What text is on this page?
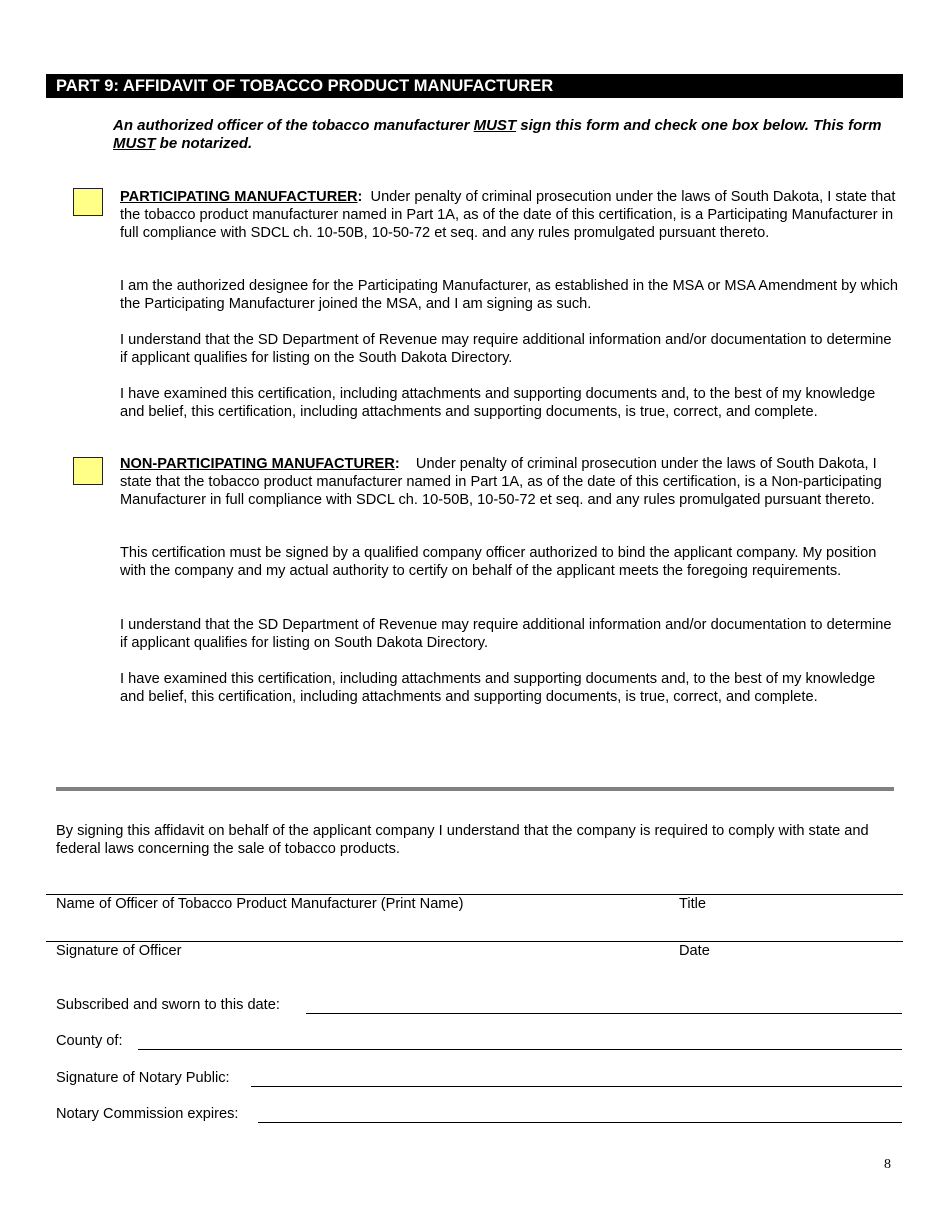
PART 9: AFFIDAVIT OF TOBACCO PRODUCT MANUFACTURER
An authorized officer of the tobacco manufacturer MUST sign this form and check one box below. This form MUST be notarized.
PARTICIPATING MANUFACTURER:  Under penalty of criminal prosecution under the laws of South Dakota, I state that the tobacco product manufacturer named in Part 1A, as of the date of this certification, is a Participating Manufacturer in full compliance with SDCL ch. 10-50B, 10-50-72 et seq. and any rules promulgated pursuant thereto.
I am the authorized designee for the Participating Manufacturer, as established in the MSA or MSA Amendment by which the Participating Manufacturer joined the MSA, and I am signing as such.
I understand that the SD Department of Revenue may require additional information and/or documentation to determine if applicant qualifies for listing on the South Dakota Directory.
I have examined this certification, including attachments and supporting documents and, to the best of my knowledge and belief, this certification, including attachments and supporting documents, is true, correct, and complete.
NON-PARTICIPATING MANUFACTURER:    Under penalty of criminal prosecution under the laws of South Dakota, I state that the tobacco product manufacturer named in Part 1A, as of the date of this certification, is a Non-participating Manufacturer in full compliance with SDCL ch. 10-50B, 10-50-72 et seq. and any rules promulgated pursuant thereto.
This certification must be signed by a qualified company officer authorized to bind the applicant company. My position with the company and my actual authority to certify on behalf of the applicant meets the foregoing requirements.
I understand that the SD Department of Revenue may require additional information and/or documentation to determine if applicant qualifies for listing on South Dakota Directory.
I have examined this certification, including attachments and supporting documents and, to the best of my knowledge and belief, this certification, including attachments and supporting documents, is true, correct, and complete.
By signing this affidavit on behalf of the applicant company I understand that the company is required to comply with state and federal laws concerning the sale of tobacco products.
Name of Officer of Tobacco Product Manufacturer (Print Name)	Title
Signature of Officer	Date
Subscribed and sworn to this date:
County of:
Signature of Notary Public:
Notary Commission expires:
8
